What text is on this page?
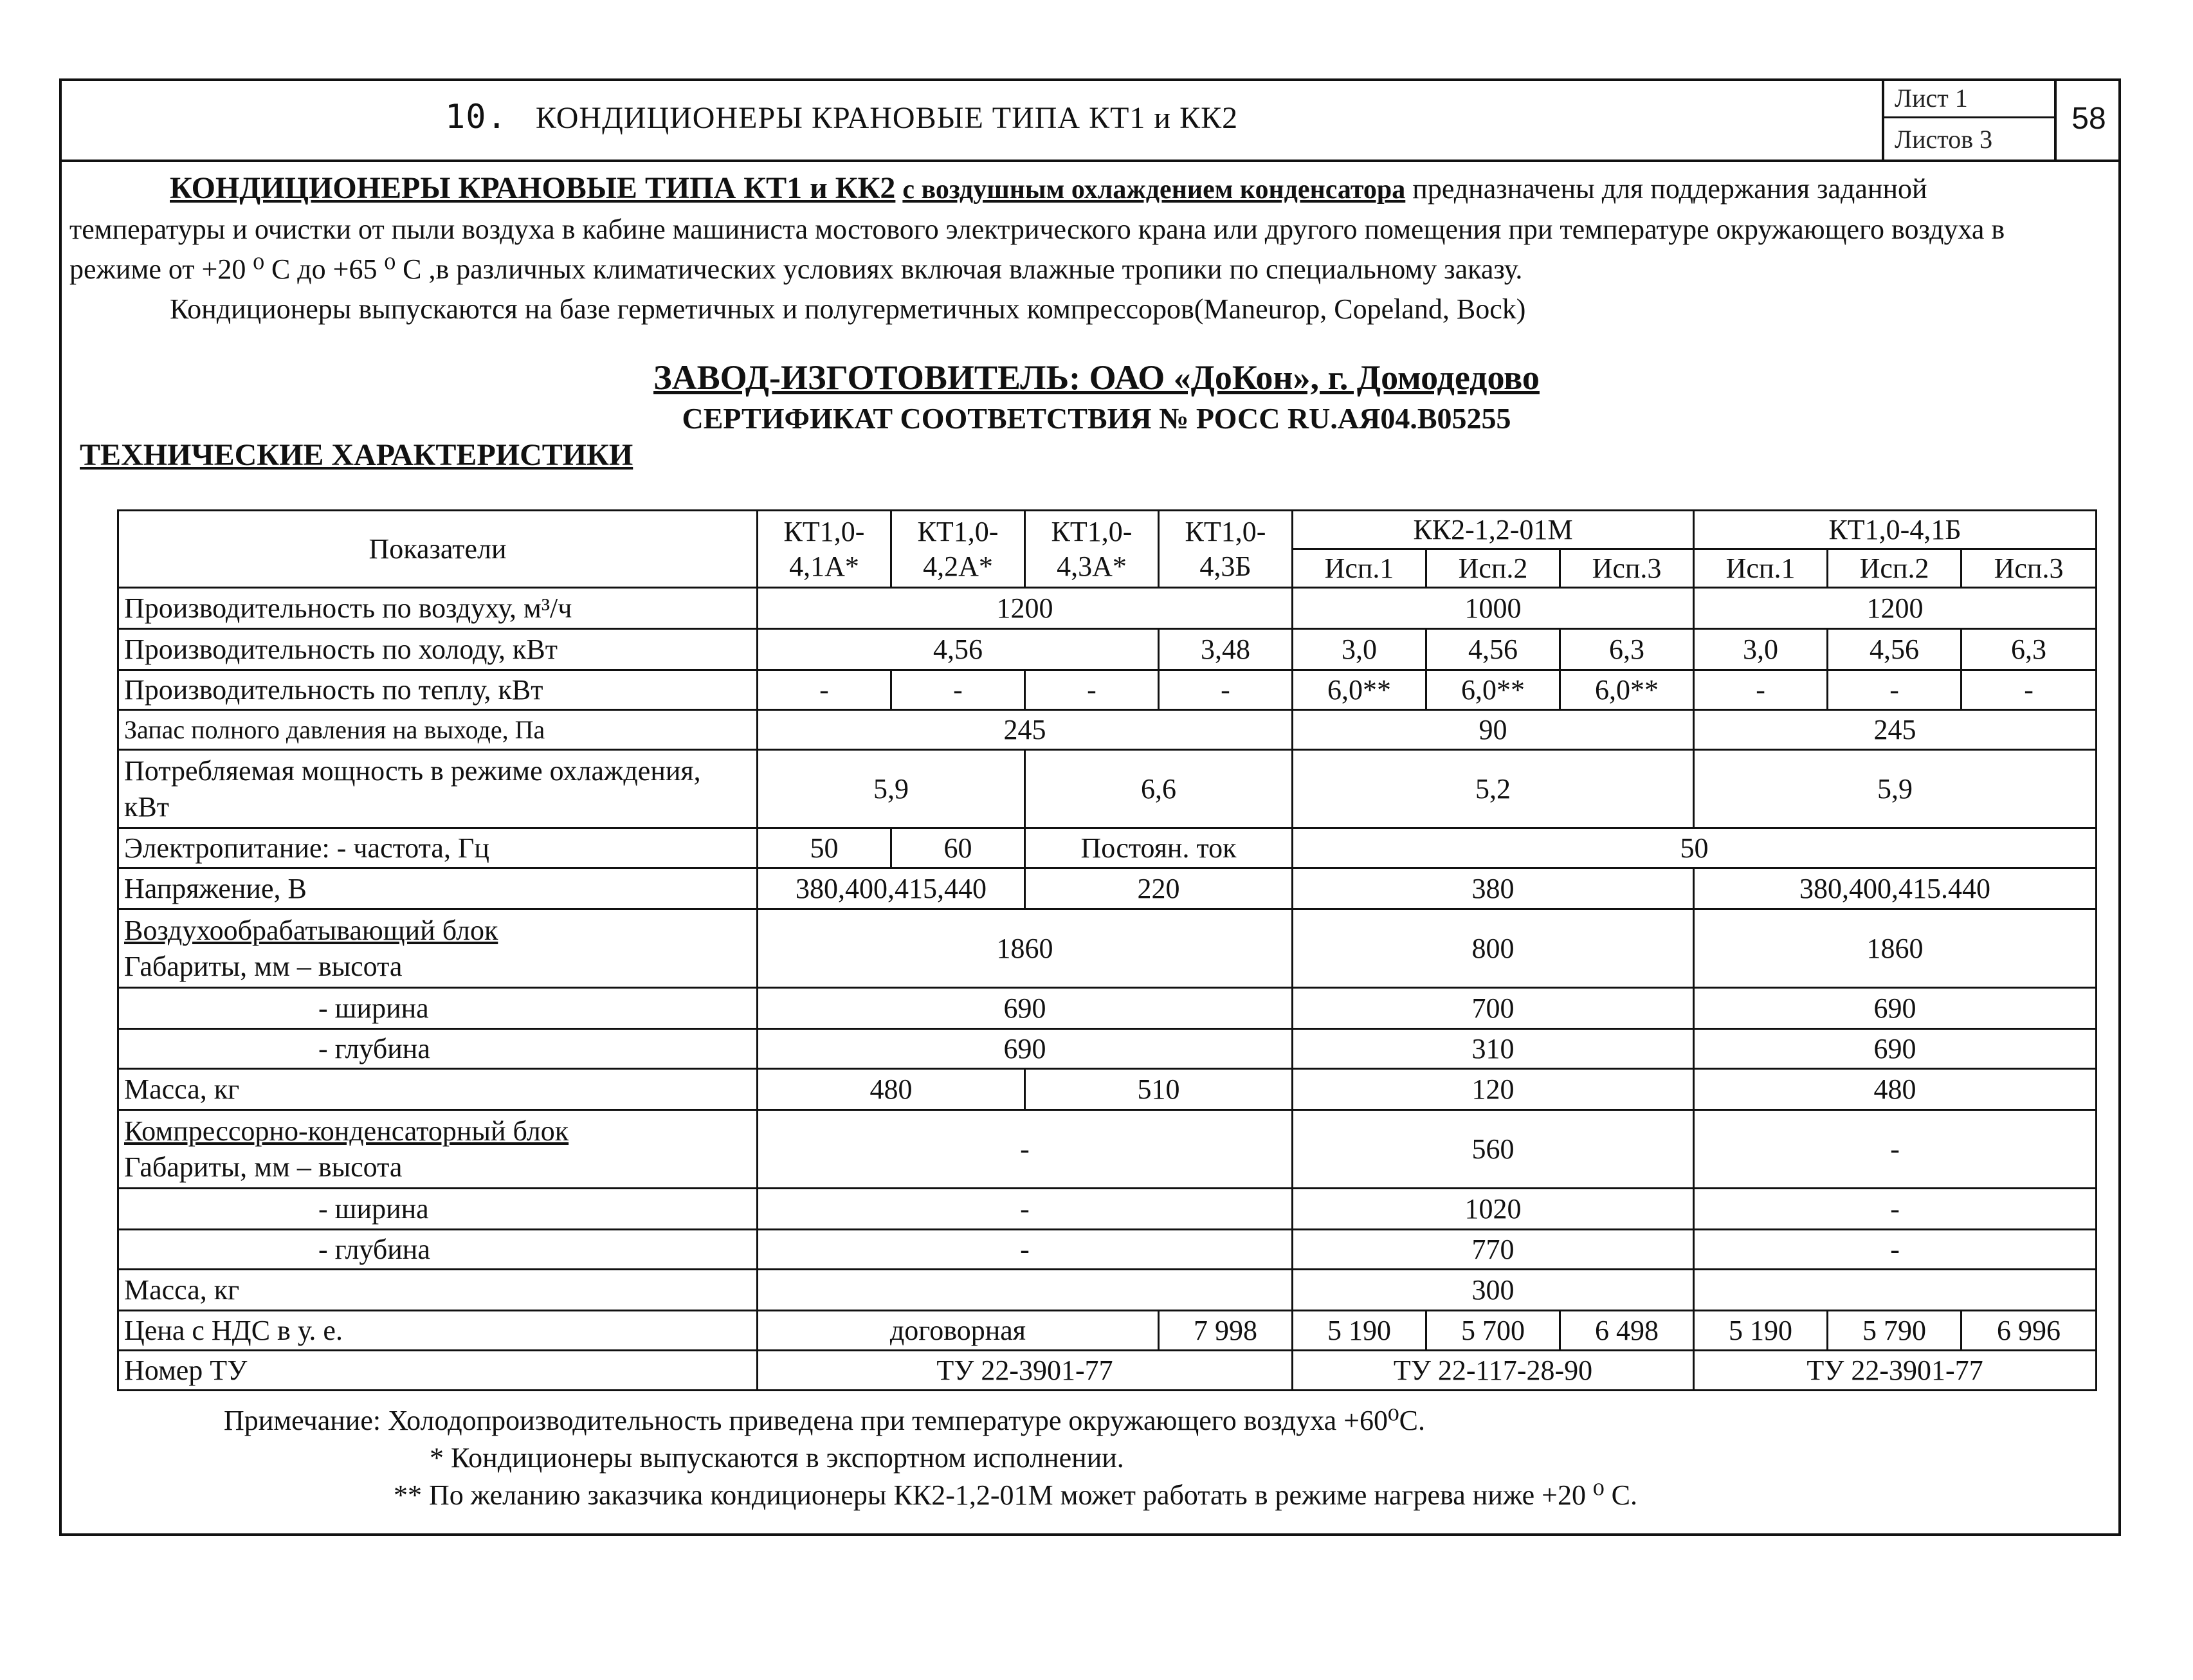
10. КОНДИЦИОНЕРЫ КРАНОВЫЕ ТИПА КТ1 и КК2
Лист 1
Листов 3
58

КОНДИЦИОНЕРЫ КРАНОВЫЕ ТИПА КТ1 и КК2 с воздушным охлаждением конденсатора предназначены для поддержания заданной температуры и очистки от пыли воздуха в кабине машиниста мостового электрического крана или другого помещения при температуре окружающего воздуха в режиме от +20 ⁰ С до +65 ⁰ С ,в различных климатических условиях включая влажные тропики по специальному заказу.

Кондиционеры выпускаются на базе герметичных и полугерметичных компрессоров(Maneurop, Copeland, Bock)

ЗАВОД-ИЗГОТОВИТЕЛЬ: ОАО «ДоКон», г. Домодедово
СЕРТИФИКАТ СООТВЕТСТВИЯ № РОСС RU.АЯ04.В05255
ТЕХНИЧЕСКИЕ ХАРАКТЕРИСТИКИ
Показатели	КТ1,0-4,1А*	КТ1,0-4,2А*	КТ1,0-4,3А*	КТ1,0-4,3Б	КК2-1,2-01М			КТ1,0-4,1Б		
					Исп.1	Исп.2	Исп.3	Исп.1	Исп.2	Исп.3
Производительность по воздуху, м³/ч	1200				1000			1200		
Производительность по холоду, кВт	4,56			3,48	3,0	4,56	6,3	3,0	4,56	6,3
Производительность по теплу, кВт	-	-	-	-	6,0**	6,0**	6,0**	-	-	-
Запас полного давления на выходе, Па	245				90			245		
Потребляемая мощность в режиме охлаждения, кВт	5,9		6,6		5,2			5,9		
Электропитание: - частота, Гц	50	60	Постоян. ток		50					
Напряжение, В	380,400,415,440		220		380			380,400,415.440		
Воздухообрабатывающий блок
Габариты, мм – высота	1860				800			1860		
- ширина	690				700			690		
- глубина	690				310			690		
Масса, кг	480		510		120			480		
Компрессорно-конденсаторный блок
Габариты, мм – высота	-				560			-		
- ширина	-				1020			-		
- глубина	-				770			-		
Масса, кг					300					
Цена с НДС в у. е.	договорная			7 998	5 190	5 700	6 498	5 190	5 790	6 996
Номер ТУ	ТУ 22-3901-77				ТУ 22-117-28-90			ТУ 22-3901-77		

Примечание: Холодопроизводительность приведена при температуре окружающего воздуха +60⁰С.

* Кондиционеры выпускаются в экспортном исполнении.

** По желанию заказчика кондиционеры КК2-1,2-01М может работать в режиме нагрева ниже +20 ⁰ С.
